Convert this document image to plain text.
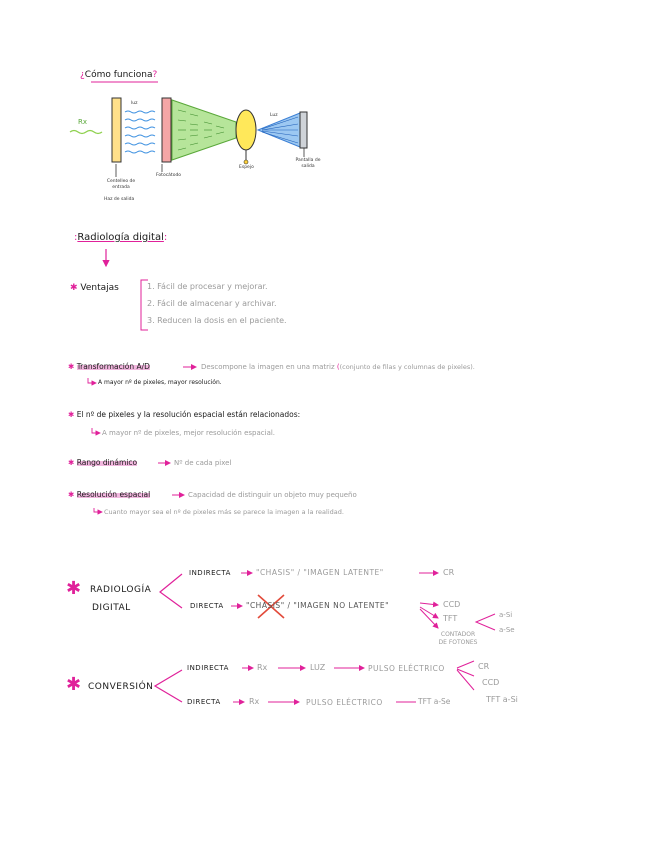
¿Cómo funciona?
Rx
luz
Luz
Centelleo de entrada
Haz de salida
Fotocátodo
Espejo
Pantalla de salida
:Radiología digital:
✱ Ventajas	1. Fácil de procesar y mejorar.
2. Fácil de almacenar y archivar.
3. Reducen la dosis en el paciente.
✱ Transformación A/D	Descompone la imagen en una matriz ((conjunto de filas y columnas de pixeles).
A mayor nº de pixeles, mayor resolución.
✱ El nº de pixeles y la resolución espacial están relacionados:
A mayor nº de pixeles, mejor resolución espacial.
✱ Rango dinámico	Nº de cada pixel
✱ Resolución espacial	Capacidad de distinguir un objeto muy pequeño
Cuanto mayor sea el nº de pixeles más se parece la imagen a la realidad.
✱ RADIOLOGÍA
DIGITAL
INDIRECTA	"CHASIS" / "IMAGEN LATENTE"	CR
DIRECTA	"CHASIS" / "IMAGEN NO LATENTE"	CCD
TFT
CONTADOR DE FOTONES
a-Si
a-Se
✱ CONVERSIÓN
INDIRECTA	Rx	LUZ	PULSO ELÉCTRICO	CR
CCD
TFT a-Si
DIRECTA	Rx	PULSO ELÉCTRICO	TFT a-Se
